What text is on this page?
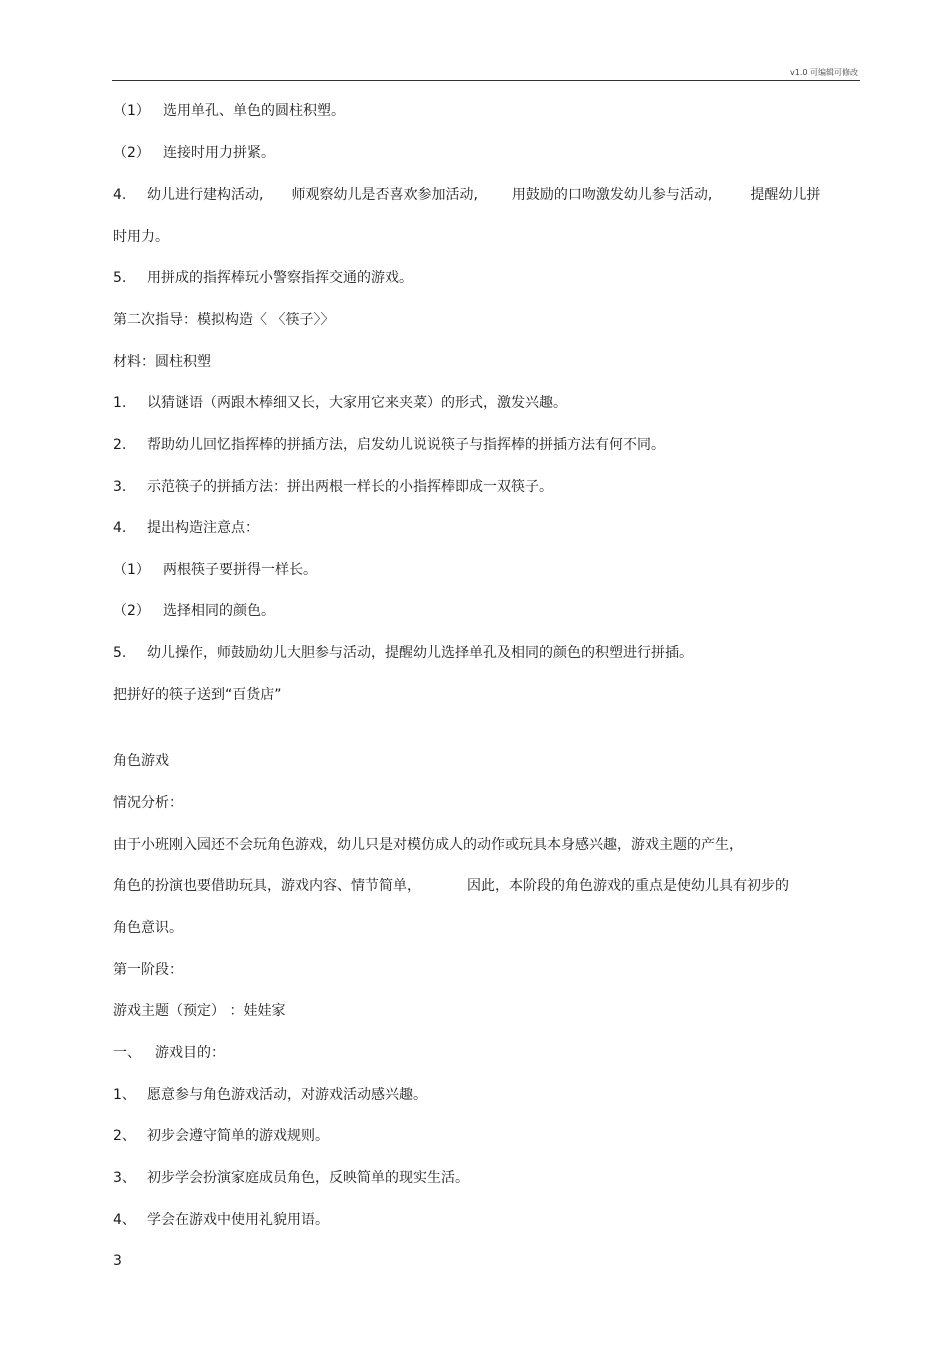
v1.0 可编辑可修改
（1） 选用单孔、单色的圆柱积塑。
（2） 连接时用力拼紧。
4. 幼儿进行建构活动, 师观察幼儿是否喜欢参加活动, 用鼓励的口吻激发幼儿参与活动,	提醒幼儿拼
时用力。
5. 用拼成的指挥棒玩小警察指挥交通的游戏。
第二次指导：模拟构造〈 〈筷子〉〉
材料：圆柱积塑
1. 以猜谜语（两跟木棒细又长，大家用它来夹菜）的形式，激发兴趣。
2. 帮助幼儿回忆指挥棒的拼插方法，启发幼儿说说筷子与指挥棒的拼插方法有何不同。
3. 示范筷子的拼插方法：拼出两根一样长的小指挥棒即成一双筷子。
4. 提出构造注意点：
（1） 两根筷子要拼得一样长。
（2） 选择相同的颜色。
5. 幼儿操作，师鼓励幼儿大胆参与活动，提醒幼儿选择单孔及相同的颜色的积塑进行拼插。
把拼好的筷子送到“百货店”
角色游戏
情况分析：
由于小班刚入园还不会玩角色游戏，幼儿只是对模仿成人的动作或玩具本身感兴趣，游戏主题的产生，
角色的扮演也要借助玩具，游戏内容、情节简单，	因此，本阶段的角色游戏的重点是使幼儿具有初步的
角色意识。
第一阶段：
游戏主题（预定） ：娃娃家
一、 游戏目的：
1、 愿意参与角色游戏活动，对游戏活动感兴趣。
2、 初步会遵守简单的游戏规则。
3、 初步学会扮演家庭成员角色，反映简单的现实生活。
4、 学会在游戏中使用礼貌用语。
3
